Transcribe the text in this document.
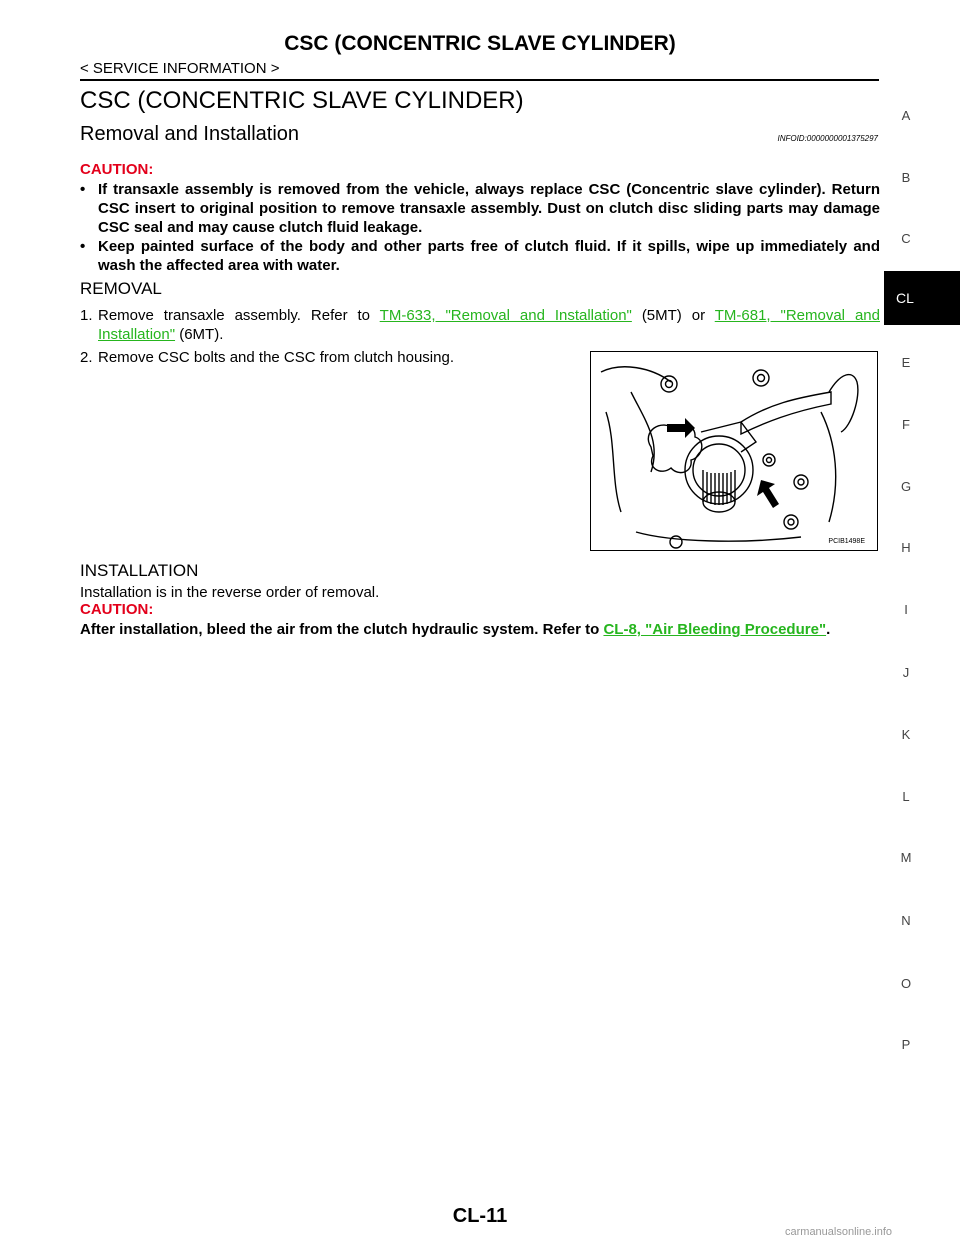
CSC (CONCENTRIC SLAVE CYLINDER)
< SERVICE INFORMATION >
CSC (CONCENTRIC SLAVE CYLINDER)
Removal and Installation	INFOID:0000000001375297
CAUTION:
• If transaxle assembly is removed from the vehicle, always replace CSC (Concentric slave cylinder). Return CSC insert to original position to remove transaxle assembly. Dust on clutch disc sliding parts may damage CSC seal and may cause clutch fluid leakage.
• Keep painted surface of the body and other parts free of clutch fluid. If it spills, wipe up immediately and wash the affected area with water.
REMOVAL
1. Remove transaxle assembly. Refer to TM-633, "Removal and Installation" (5MT) or TM-681, "Removal and Installation" (6MT).
2. Remove CSC bolts and the CSC from clutch housing.
PCIB1498E
INSTALLATION
Installation is in the reverse order of removal.
CAUTION:
After installation, bleed the air from the clutch hydraulic system. Refer to CL-8, "Air Bleeding Procedure".
A
B
C
CL
E
F
G
H
I
J
K
L
M
N
O
P
CL-11
carmanualsonline.info
